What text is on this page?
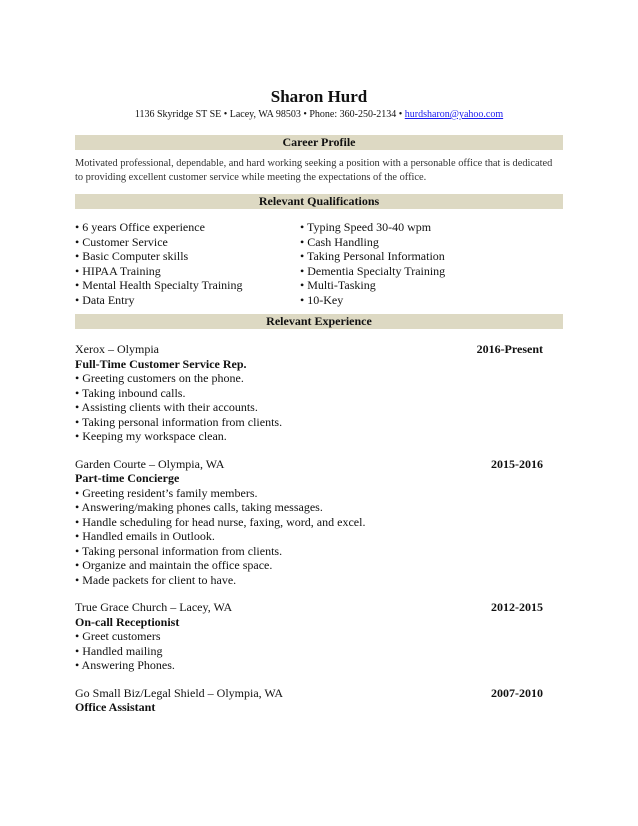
Sharon Hurd
1136 Skyridge ST SE • Lacey, WA 98503 • Phone: 360-250-2134 • hurdsharon@yahoo.com
Career Profile
Motivated professional, dependable, and hard working seeking a position with a personable office that is dedicated to providing excellent customer service while meeting the expectations of the office.
Relevant Qualifications
• 6 years Office experience
• Customer Service
• Basic Computer skills
• HIPAA Training
• Mental Health Specialty Training
• Data Entry
• Typing Speed 30-40 wpm
• Cash Handling
• Taking Personal Information
• Dementia Specialty Training
• Multi-Tasking
• 10-Key
Relevant Experience
Xerox – Olympia	2016-Present
Full-Time Customer Service Rep.
• Greeting customers on the phone.
• Taking inbound calls.
• Assisting clients with their accounts.
• Taking personal information from clients.
• Keeping my workspace clean.
Garden Courte – Olympia, WA	2015-2016
Part-time Concierge
• Greeting resident’s family members.
• Answering/making phones calls, taking messages.
• Handle scheduling for head nurse, faxing, word, and excel.
• Handled emails in Outlook.
• Taking personal information from clients.
• Organize and maintain the office space.
• Made packets for client to have.
True Grace Church – Lacey, WA	2012-2015
On-call Receptionist
• Greet customers
• Handled mailing
• Answering Phones.
Go Small Biz/Legal Shield – Olympia, WA	2007-2010
Office Assistant
